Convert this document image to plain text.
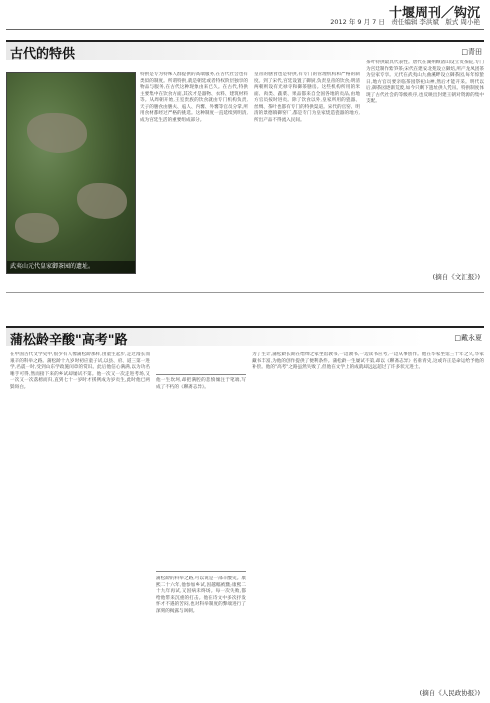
十堰周刊／钩沉
2012 年 9 月 7 日　责任编辑 李洪斌　版式 周小艳
古代的特供	□青田
武夷山元代皇家御茶园的遗址。
特供是专为特殊人群提供的高端服务,在古代社会也有类似的制度。所谓特供,就是朝廷或者特权阶层独享的物品与服务,在古代这种现象由来已久。在古代,特供主要集中在饮食方面,其次才是器物、衣料、建筑材料等。从周朝开始,王室贵族的饮食就由专门机构负责,天子的膳食由膳夫、庖人、内饔、外饔等官员分掌,所用食材都经过严格的挑选。这种制度一直延续到明清,成为宫廷生活的重要组成部分。
皇帝的膳食也是特供,有专门的管理机构和严格的制度。到了宋代,宫廷设置了御厨,负责皇帝的饮食;明清两朝则设有光禄寺和御茶膳房。这些机构所用的米面、肉类、蔬菜、果品都来自全国各地的贡品,由地方官员按时进贡。除了饮食以外,皇家所用的瓷器、丝绸、茶叶也都有专门的特供渠道。宋代的官窑、明清的景德镇御窑厂,都是专门为皇家烧造瓷器的地方,所出产品不得流入民间。
茶叶特供最具代表性。唐代在湖州顾渚山设立贡茶院,专门为宫廷制作紫笋茶;宋代在建安北苑设立御焙,所产龙凤团茶为皇家专享。元代在武夷山九曲溪畔设立御茶园,每年惊蛰日,地方官员要亲临茶园祭祀山神,然后才能开采。明代以后,御茶园逐渐荒废,如今只剩下遗址供人凭吊。特供制度体现了古代社会的等级秩序,也反映出封建王朝对资源的集中支配。
(摘自《文汇报》)
蒲松龄辛酸"高考"路	□戴永夏
在中国古代文学史中,很少有人像蒲松龄那样,由童生起步,走过漫长而艰辛的科举之路。蒲松龄十九岁时初应童子试,以县、府、道三第一进学,名震一时,受到山东学政施闰章的赏识。此后他信心满满,以为功名唾手可得,然而接下来的乡试却屡试不第。他一次又一次走进考场,又一次又一次落榜而归,直到七十一岁时才援例成为岁贡生,此时他已两鬓斑白。
他一生坎坷,却把满腔的悲愤倾注于笔端,写成了不朽的《聊斋志异》。
蒲松龄的科举之路,可以说是一部辛酸史。康熙二十六年,他参加乡试,因越幅被黜;康熙二十九年再试,又因病未终场。每一次失败,都给他带来沉重的打击。他在诗文中多次抒发怀才不遇的苦闷,也对科举制度的弊端进行了深刻的揭露与讽刺。
为了生计,蒲松龄长期在缙绅之家坐馆教书,一边教书,一边读书应考,一边从事创作。他在毕家坐馆三十年之久,毕家藏书丰富,为他的创作提供了便利条件。蒲松龄一生屡试不第,却以《聊斋志异》名垂青史,这或许正是命运给予他的补偿。他的"高考"之路虽然失败了,但他在文学上的成就却远远超过了许多状元进士。
(摘自《人民政协报》)
